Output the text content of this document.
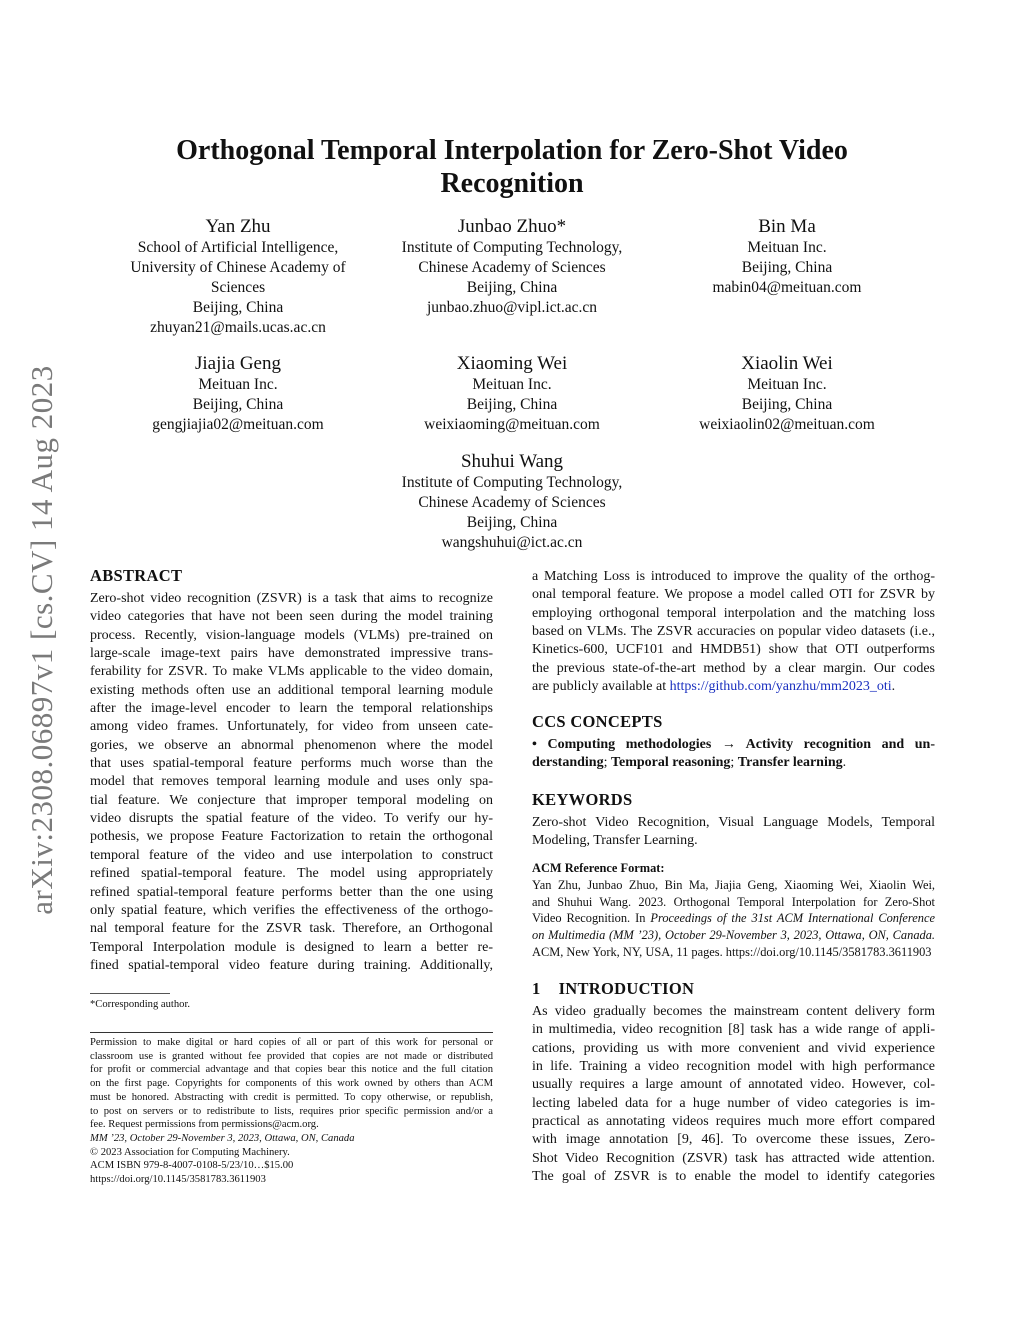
arXiv:2308.06897v1 [cs.CV] 14 Aug 2023
Orthogonal Temporal Interpolation for Zero-Shot Video
Recognition
Yan Zhu
School of Artificial Intelligence,
University of Chinese Academy of
Sciences
Beijing, China
zhuyan21@mails.ucas.ac.cn
Junbao Zhuo*
Institute of Computing Technology,
Chinese Academy of Sciences
Beijing, China
junbao.zhuo@vipl.ict.ac.cn
Bin Ma
Meituan Inc.
Beijing, China
mabin04@meituan.com
Jiajia Geng
Meituan Inc.
Beijing, China
gengjiajia02@meituan.com
Xiaoming Wei
Meituan Inc.
Beijing, China
weixiaoming@meituan.com
Xiaolin Wei
Meituan Inc.
Beijing, China
weixiaolin02@meituan.com
Shuhui Wang
Institute of Computing Technology,
Chinese Academy of Sciences
Beijing, China
wangshuhui@ict.ac.cn
ABSTRACT
Zero-shot video recognition (ZSVR) is a task that aims to recognize
video categories that have not been seen during the model training
process. Recently, vision-language models (VLMs) pre-trained on
large-scale image-text pairs have demonstrated impressive trans-
ferability for ZSVR. To make VLMs applicable to the video domain,
existing methods often use an additional temporal learning module
after the image-level encoder to learn the temporal relationships
among video frames. Unfortunately, for video from unseen cate-
gories, we observe an abnormal phenomenon where the model
that uses spatial-temporal feature performs much worse than the
model that removes temporal learning module and uses only spa-
tial feature. We conjecture that improper temporal modeling on
video disrupts the spatial feature of the video. To verify our hy-
pothesis, we propose Feature Factorization to retain the orthogonal
temporal feature of the video and use interpolation to construct
refined spatial-temporal feature. The model using appropriately
refined spatial-temporal feature performs better than the one using
only spatial feature, which verifies the effectiveness of the orthogo-
nal temporal feature for the ZSVR task. Therefore, an Orthogonal
Temporal Interpolation module is designed to learn a better re-
fined spatial-temporal video feature during training. Additionally,
*Corresponding author.
Permission to make digital or hard copies of all or part of this work for personal or
classroom use is granted without fee provided that copies are not made or distributed
for profit or commercial advantage and that copies bear this notice and the full citation
on the first page. Copyrights for components of this work owned by others than ACM
must be honored. Abstracting with credit is permitted. To copy otherwise, or republish,
to post on servers or to redistribute to lists, requires prior specific permission and/or a
fee. Request permissions from permissions@acm.org.
MM ’23, October 29-November 3, 2023, Ottawa, ON, Canada
© 2023 Association for Computing Machinery.
ACM ISBN 979-8-4007-0108-5/23/10…$15.00
https://doi.org/10.1145/3581783.3611903
a Matching Loss is introduced to improve the quality of the orthog-
onal temporal feature. We propose a model called OTI for ZSVR by
employing orthogonal temporal interpolation and the matching loss
based on VLMs. The ZSVR accuracies on popular video datasets (i.e.,
Kinetics-600, UCF101 and HMDB51) show that OTI outperforms
the previous state-of-the-art method by a clear margin. Our codes
are publicly available at https://github.com/yanzhu/mm2023_oti.
CCS CONCEPTS
• Computing methodologies → Activity recognition and un-
derstanding; Temporal reasoning; Transfer learning.
KEYWORDS
Zero-shot Video Recognition, Visual Language Models, Temporal
Modeling, Transfer Learning.
ACM Reference Format:
Yan Zhu, Junbao Zhuo, Bin Ma, Jiajia Geng, Xiaoming Wei, Xiaolin Wei,
and Shuhui Wang. 2023. Orthogonal Temporal Interpolation for Zero-Shot
Video Recognition. In Proceedings of the 31st ACM International Conference
on Multimedia (MM ’23), October 29-November 3, 2023, Ottawa, ON, Canada.
ACM, New York, NY, USA, 11 pages. https://doi.org/10.1145/3581783.3611903
1 INTRODUCTION
As video gradually becomes the mainstream content delivery form
in multimedia, video recognition [8] task has a wide range of appli-
cations, providing us with more convenient and vivid experience
in life. Training a video recognition model with high performance
usually requires a large amount of annotated video. However, col-
lecting labeled data for a huge number of video categories is im-
practical as annotating videos requires much more effort compared
with image annotation [9, 46]. To overcome these issues, Zero-
Shot Video Recognition (ZSVR) task has attracted wide attention.
The goal of ZSVR is to enable the model to identify categories
